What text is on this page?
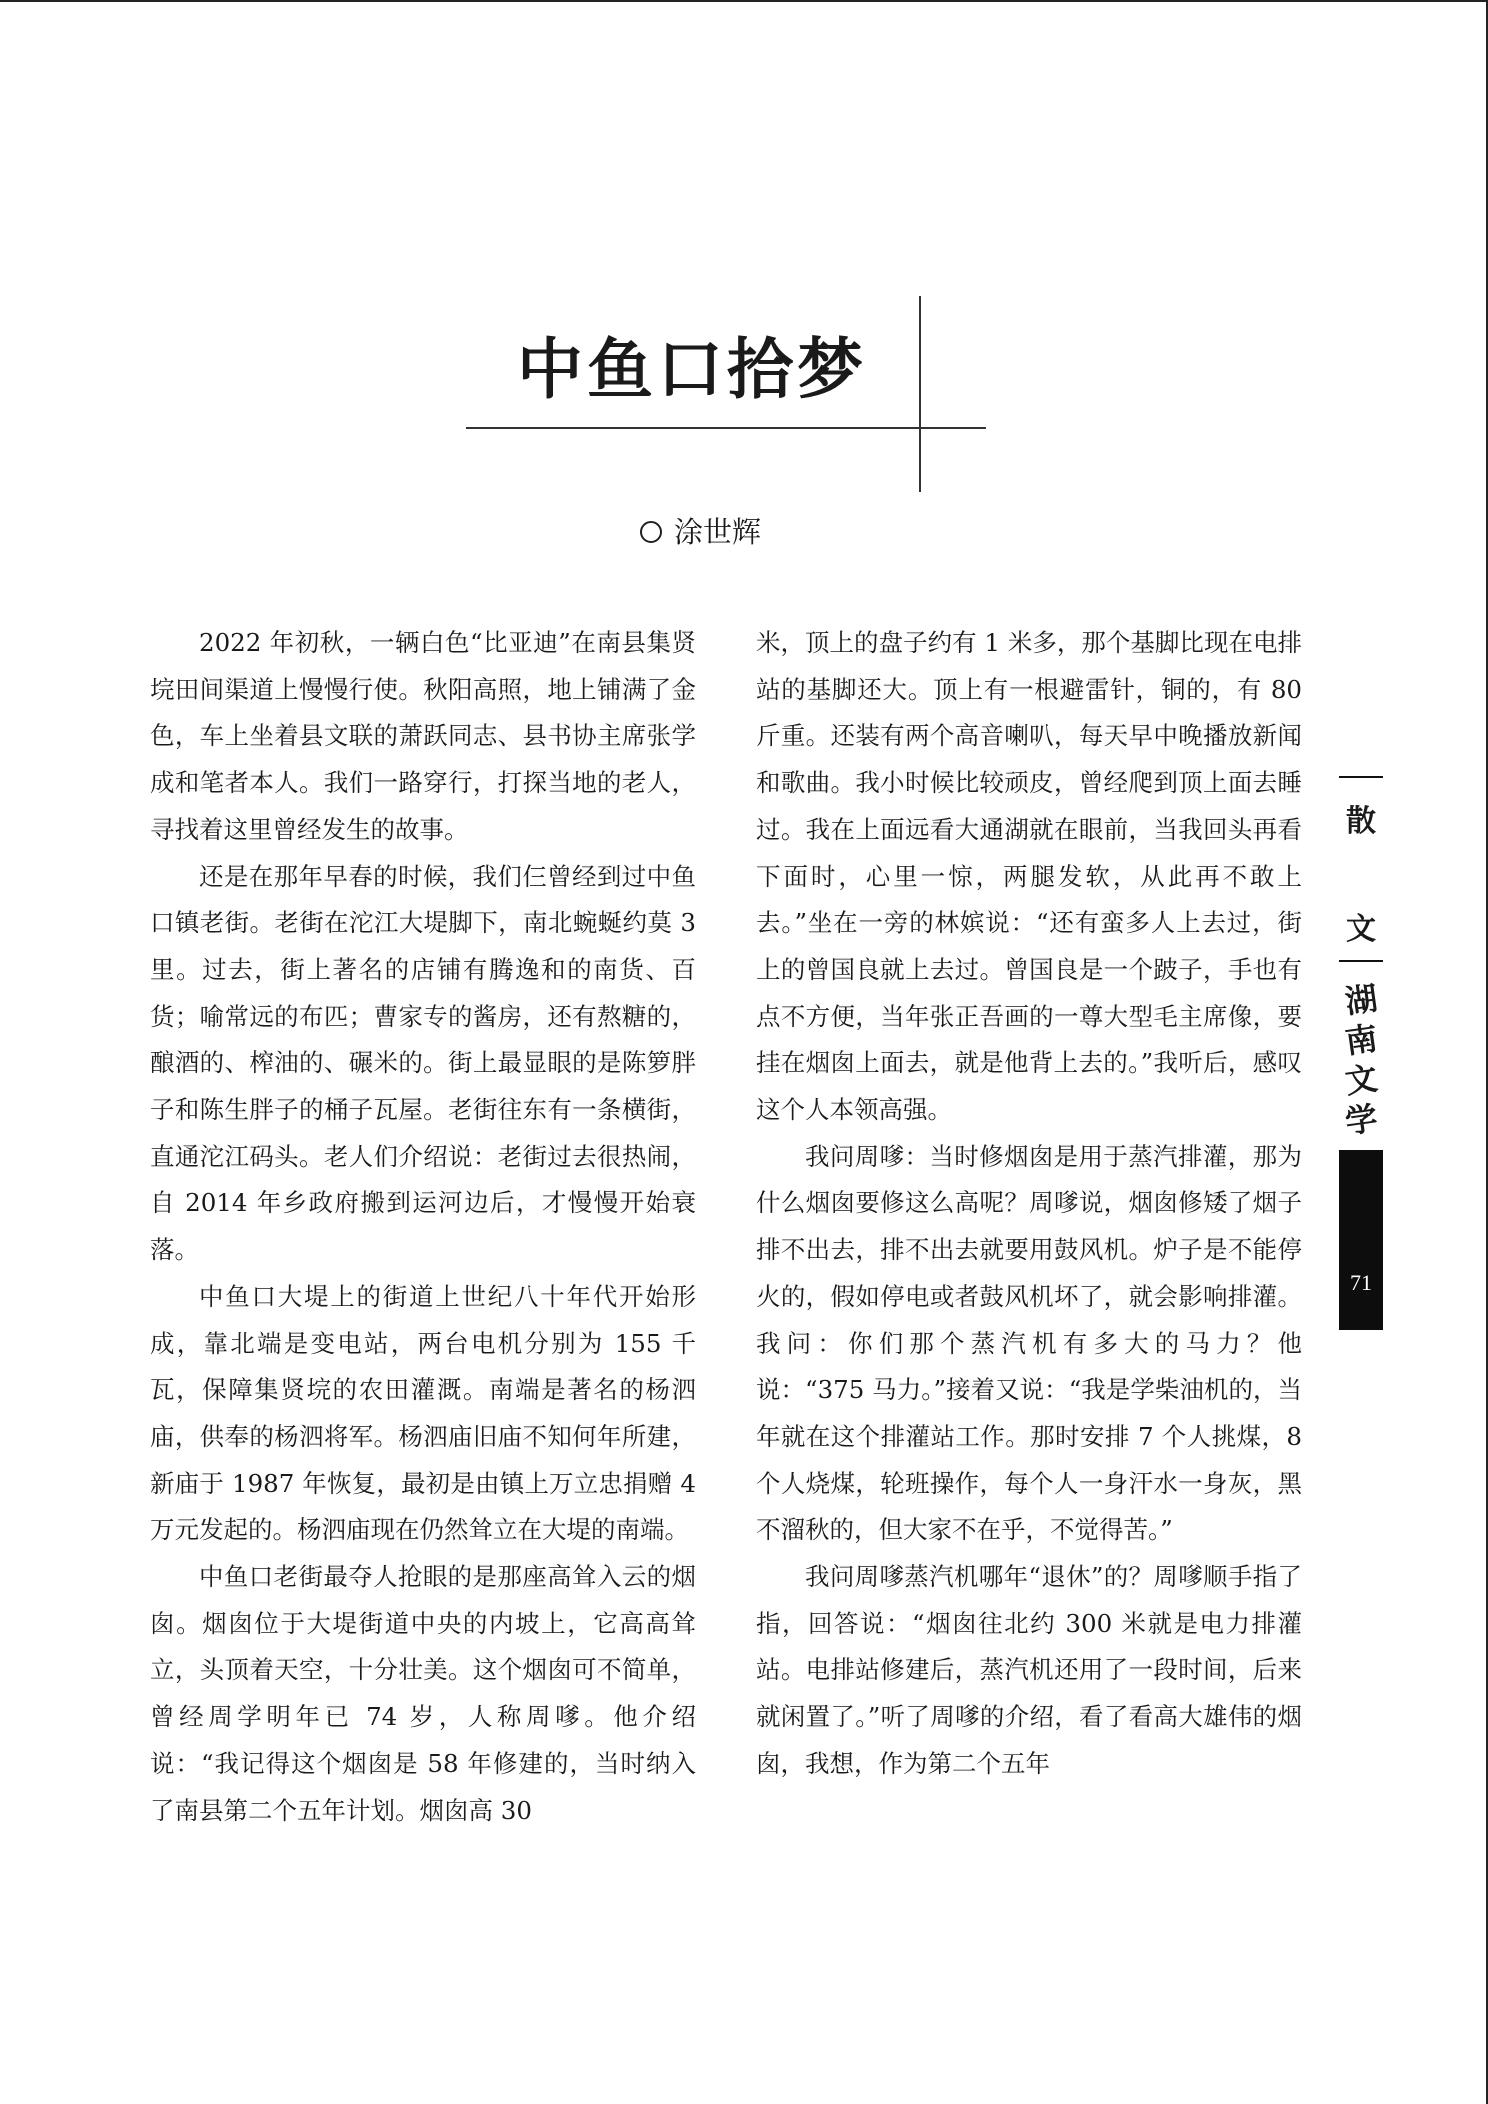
中鱼口拾梦
涂世辉

2022 年初秋，一辆白色“比亚迪”在南县集贤垸田间渠道上慢慢行使。秋阳高照，地上铺满了金色，车上坐着县文联的萧跃同志、县书协主席张学成和笔者本人。我们一路穿行，打探当地的老人，寻找着这里曾经发生的故事。

还是在那年早春的时候，我们仨曾经到过中鱼口镇老街。老街在沱江大堤脚下，南北蜿蜒约莫 3 里。过去，街上著名的店铺有腾逸和的南货、百货；喻常远的布匹；曹家专的酱房，还有熬糖的，酿酒的、榨油的、碾米的。街上最显眼的是陈箩胖子和陈生胖子的桶子瓦屋。老街往东有一条横街，直通沱江码头。老人们介绍说：老街过去很热闹，自 2014 年乡政府搬到运河边后，才慢慢开始衰落。

中鱼口大堤上的街道上世纪八十年代开始形成，靠北端是变电站，两台电机分别为 155 千瓦，保障集贤垸的农田灌溉。南端是著名的杨泗庙，供奉的杨泗将军。杨泗庙旧庙不知何年所建，新庙于 1987 年恢复，最初是由镇上万立忠捐赠 4 万元发起的。杨泗庙现在仍然耸立在大堤的南端。

中鱼口老街最夺人抢眼的是那座高耸入云的烟囱。烟囱位于大堤街道中央的内坡上，它高高耸立，头顶着天空，十分壮美。这个烟囱可不简单，曾经周学明年已 74 岁，人称周嗲。他介绍说：“我记得这个烟囱是 58 年修建的，当时纳入了南县第二个五年计划。烟囱高 30

米，顶上的盘子约有 1 米多，那个基脚比现在电排站的基脚还大。顶上有一根避雷针，铜的，有 80 斤重。还装有两个高音喇叭，每天早中晚播放新闻和歌曲。我小时候比较顽皮，曾经爬到顶上面去睡过。我在上面远看大通湖就在眼前，当我回头再看下面时，心里一惊，两腿发软，从此再不敢上去。”坐在一旁的林嫔说：“还有蛮多人上去过，街上的曾国良就上去过。曾国良是一个跛子，手也有点不方便，当年张正吾画的一尊大型毛主席像，要挂在烟囱上面去，就是他背上去的。”我听后，感叹这个人本领高强。

我问周嗲：当时修烟囱是用于蒸汽排灌，那为什么烟囱要修这么高呢？周嗲说，烟囱修矮了烟子排不出去，排不出去就要用鼓风机。炉子是不能停火的，假如停电或者鼓风机坏了，就会影响排灌。我问：你们那个蒸汽机有多大的马力？他说：“375 马力。”接着又说：“我是学柴油机的，当年就在这个排灌站工作。那时安排 7 个人挑煤，8 个人烧煤，轮班操作，每个人一身汗水一身灰，黑不溜秋的，但大家不在乎，不觉得苦。”

我问周嗲蒸汽机哪年“退休”的？周嗲顺手指了指，回答说：“烟囱往北约 300 米就是电力排灌站。电排站修建后，蒸汽机还用了一段时间，后来就闲置了。”听了周嗲的介绍，看了看高大雄伟的烟囱，我想，作为第二个五年

散
文
湖
南
文
学
71
